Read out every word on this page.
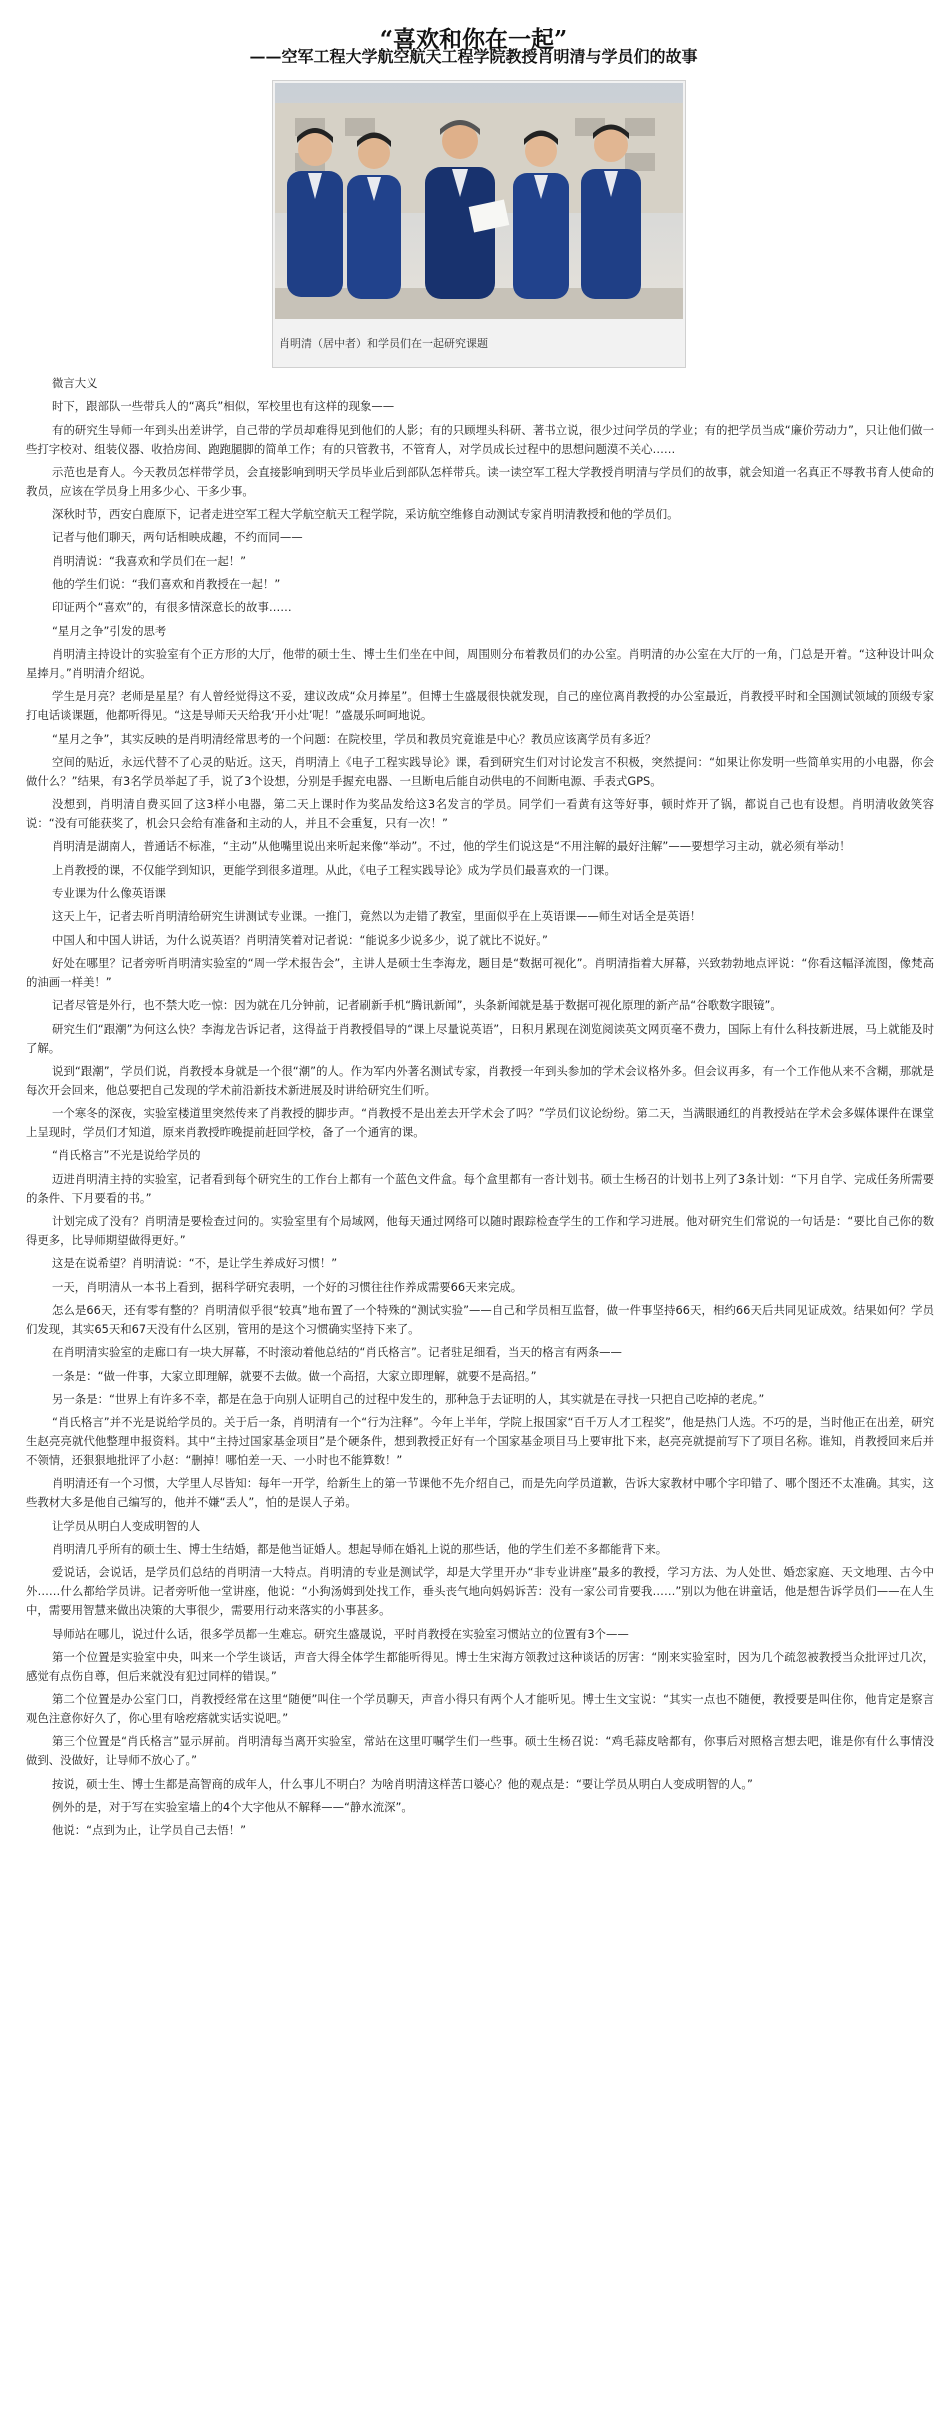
“喜欢和你在一起”
——空军工程大学航空航天工程学院教授肖明清与学员们的故事
肖明清（居中者）和学员们在一起研究课题

微言大义

时下，跟部队一些带兵人的“离兵”相似，军校里也有这样的现象——

有的研究生导师一年到头出差讲学，自己带的学员却难得见到他们的人影；有的只顾埋头科研、著书立说，很少过问学员的学业；有的把学员当成“廉价劳动力”，只让他们做一些打字校对、组装仪器、收拾房间、跑跑腿脚的简单工作；有的只管教书，不管育人，对学员成长过程中的思想问题漠不关心……

示范也是育人。今天教员怎样带学员，会直接影响到明天学员毕业后到部队怎样带兵。读一读空军工程大学教授肖明清与学员们的故事，就会知道一名真正不辱教书育人使命的教员，应该在学员身上用多少心、干多少事。

深秋时节，西安白鹿原下，记者走进空军工程大学航空航天工程学院，采访航空维修自动测试专家肖明清教授和他的学员们。

记者与他们聊天，两句话相映成趣，不约而同——

肖明清说：“我喜欢和学员们在一起！”

他的学生们说：“我们喜欢和肖教授在一起！”

印证两个“喜欢”的，有很多情深意长的故事……

“星月之争”引发的思考

肖明清主持设计的实验室有个正方形的大厅，他带的硕士生、博士生们坐在中间，周围则分布着教员们的办公室。肖明清的办公室在大厅的一角，门总是开着。“这种设计叫众星捧月。”肖明清介绍说。

学生是月亮？老师是星星？有人曾经觉得这不妥，建议改成“众月捧星”。但博士生盛晟很快就发现，自己的座位离肖教授的办公室最近，肖教授平时和全国测试领域的顶级专家打电话谈课题，他都听得见。“这是导师天天给我‘开小灶’呢！”盛晟乐呵呵地说。

“星月之争”，其实反映的是肖明清经常思考的一个问题：在院校里，学员和教员究竟谁是中心？教员应该离学员有多近？

空间的贴近，永远代替不了心灵的贴近。这天，肖明清上《电子工程实践导论》课，看到研究生们对讨论发言不积极，突然提问：“如果让你发明一些简单实用的小电器，你会做什么？”结果，有3名学员举起了手，说了3个设想，分别是手握充电器、一旦断电后能自动供电的不间断电源、手表式GPS。

没想到，肖明清自费买回了这3样小电器，第二天上课时作为奖品发给这3名发言的学员。同学们一看黄有这等好事，顿时炸开了锅，都说自己也有设想。肖明清收敛笑容说：“没有可能获奖了，机会只会给有准备和主动的人，并且不会重复，只有一次！”

肖明清是湖南人，普通话不标准，“主动”从他嘴里说出来听起来像“举动”。不过，他的学生们说这是“不用注解的最好注解”——要想学习主动，就必须有举动！

上肖教授的课，不仅能学到知识，更能学到很多道理。从此，《电子工程实践导论》成为学员们最喜欢的一门课。

专业课为什么像英语课

这天上午，记者去听肖明清给研究生讲测试专业课。一推门，竟然以为走错了教室，里面似乎在上英语课——师生对话全是英语！

中国人和中国人讲话，为什么说英语？肖明清笑着对记者说：“能说多少说多少，说了就比不说好。”

好处在哪里？记者旁听肖明清实验室的“周一学术报告会”，主讲人是硕士生李海龙，题目是“数据可视化”。肖明清指着大屏幕，兴致勃勃地点评说：“你看这幅泽流图，像梵高的油画一样美！”

记者尽管是外行，也不禁大吃一惊：因为就在几分钟前，记者刷新手机“腾讯新闻”，头条新闻就是基于数据可视化原理的新产品“谷歌数字眼镜”。

研究生们“跟潮”为何这么快？李海龙告诉记者，这得益于肖教授倡导的“课上尽量说英语”，日积月累现在浏览阅读英文网页毫不费力，国际上有什么科技新进展，马上就能及时了解。

说到“跟潮”，学员们说，肖教授本身就是一个很“潮”的人。作为军内外著名测试专家，肖教授一年到头参加的学术会议格外多。但会议再多，有一个工作他从来不含糊，那就是每次开会回来，他总要把自己发现的学术前沿新技术新进展及时讲给研究生们听。

一个寒冬的深夜，实验室楼道里突然传来了肖教授的脚步声。“肖教授不是出差去开学术会了吗？”学员们议论纷纷。第二天，当满眼通红的肖教授站在学术会多媒体课件在课堂上呈现时，学员们才知道，原来肖教授昨晚提前赶回学校，备了一个通宵的课。

“肖氏格言”不光是说给学员的

迈进肖明清主持的实验室，记者看到每个研究生的工作台上都有一个蓝色文件盒。每个盒里都有一沓计划书。硕士生杨召的计划书上列了3条计划：“下月自学、完成任务所需要的条件、下月要看的书。”

计划完成了没有？肖明清是要检查过问的。实验室里有个局域网，他每天通过网络可以随时跟踪检查学生的工作和学习进展。他对研究生们常说的一句话是：“要比自己你的数得更多，比导师期望做得更好。”

这是在说希望？肖明清说：“不，是让学生养成好习惯！”

一天，肖明清从一本书上看到，据科学研究表明，一个好的习惯往往作养成需要66天来完成。

怎么是66天，还有零有整的？肖明清似乎很“较真”地布置了一个特殊的“测试实验”——自己和学员相互监督，做一件事坚持66天，相约66天后共同见证成效。结果如何？学员们发现，其实65天和67天没有什么区别，管用的是这个习惯确实坚持下来了。

在肖明清实验室的走廊口有一块大屏幕，不时滚动着他总结的“肖氏格言”。记者驻足细看，当天的格言有两条——

一条是：“做一件事，大家立即理解，就要不去做。做一个高招，大家立即理解，就要不是高招。”

另一条是：“世界上有许多不幸，都是在急于向别人证明自己的过程中发生的，那种急于去证明的人，其实就是在寻找一只把自己吃掉的老虎。”

“肖氏格言”并不光是说给学员的。关于后一条，肖明清有一个“行为注释”。今年上半年，学院上报国家“百千万人才工程奖”，他是热门人选。不巧的是，当时他正在出差，研究生赵亮亮就代他整理申报资料。其中“主持过国家基金项目”是个硬条件，想到教授正好有一个国家基金项目马上要审批下来，赵亮亮就提前写下了项目名称。谁知，肖教授回来后并不领情，还狠狠地批评了小赵：“删掉！哪怕差一天、一小时也不能算数！”

肖明清还有一个习惯，大学里人尽皆知：每年一开学，给新生上的第一节课他不先介绍自己，而是先向学员道歉，告诉大家教材中哪个字印错了、哪个图还不太准确。其实，这些教材大多是他自己编写的，他并不嫌“丢人”，怕的是误人子弟。

让学员从明白人变成明智的人

肖明清几乎所有的硕士生、博士生结婚，都是他当证婚人。想起导师在婚礼上说的那些话，他的学生们差不多都能背下来。

爱说话，会说话，是学员们总结的肖明清一大特点。肖明清的专业是测试学，却是大学里开办“非专业讲座”最多的教授，学习方法、为人处世、婚恋家庭、天文地理、古今中外……什么都给学员讲。记者旁听他一堂讲座，他说：“小狗汤姆到处找工作，垂头丧气地向妈妈诉苦：没有一家公司肯要我……”别以为他在讲童话，他是想告诉学员们——在人生中，需要用智慧来做出决策的大事很少，需要用行动来落实的小事甚多。

导师站在哪儿，说过什么话，很多学员都一生难忘。研究生盛晟说，平时肖教授在实验室习惯站立的位置有3个——

第一个位置是实验室中央，叫来一个学生谈话，声音大得全体学生都能听得见。博士生宋海方领教过这种谈话的厉害：“刚来实验室时，因为几个疏忽被教授当众批评过几次，感觉有点伤自尊，但后来就没有犯过同样的错误。”

第二个位置是办公室门口，肖教授经常在这里“随便”叫住一个学员聊天，声音小得只有两个人才能听见。博士生文宝说：“其实一点也不随便，教授要是叫住你，他肯定是察言观色注意你好久了，你心里有啥疙瘩就实话实说吧。”

第三个位置是“肖氏格言”显示屏前。肖明清每当离开实验室，常站在这里叮嘱学生们一些事。硕士生杨召说：“鸡毛蒜皮啥都有，你事后对照格言想去吧，谁是你有什么事情没做到、没做好，让导师不放心了。”

按说，硕士生、博士生都是高智商的成年人，什么事儿不明白？为啥肖明清这样苦口婆心？他的观点是：“要让学员从明白人变成明智的人。”

例外的是，对于写在实验室墙上的4个大字他从不解释——“静水流深”。

他说：“点到为止，让学员自己去悟！”
